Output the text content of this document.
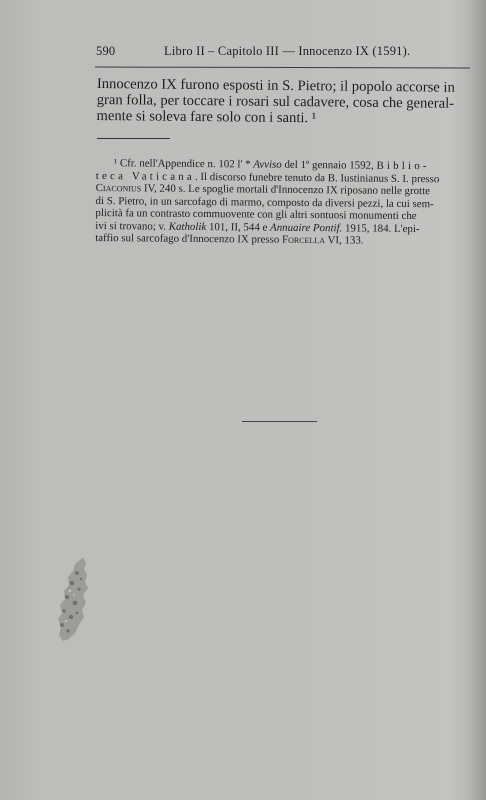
590	Libro II – Capitolo III — Innocenzo IX (1591).
Innocenzo IX furono esposti in S. Pietro; il popolo accorse in
gran folla, per toccare i rosari sul cadavere, cosa che general-
mente si soleva fare solo con i santi. ¹
¹ Cfr. nell'Appendice n. 102 l' * Avviso del 1º gennaio 1592, Biblio-
teca Vaticana. Il discorso funebre tenuto da B. Iustinianus S. I. presso
Ciaconius IV, 240 s. Le spoglie mortali d'Innocenzo IX riposano nelle grotte
di S. Pietro, in un sarcofago di marmo, composto da diversi pezzi, la cui sem-
plicità fa un contrasto commuovente con gli altri sontuosi monumenti che
ivi si trovano; v. Katholik 101, II, 544 e Annuaire Pontif. 1915, 184. L'epi-
taffio sul sarcofago d'Innocenzo IX presso Forcella VI, 133.
